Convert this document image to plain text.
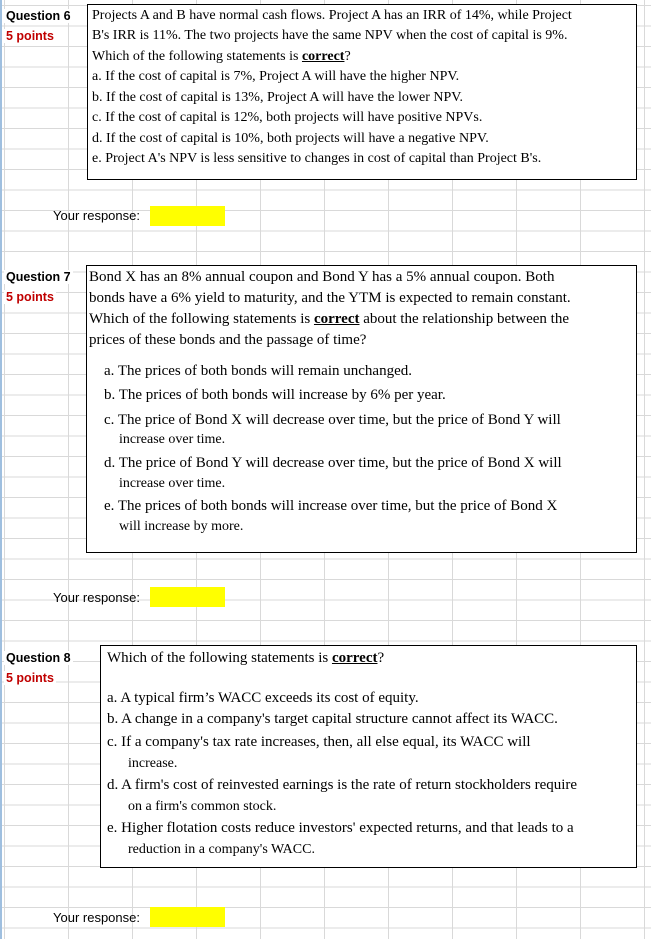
Question 6
5 points
Projects A and B have normal cash flows. Project A has an IRR of 14%, while Project
B's IRR is 11%. The two projects have the same NPV when the cost of capital is 9%.
Which of the following statements is correct?
a. If the cost of capital is 7%, Project A will have the higher NPV.
b. If the cost of capital is 13%, Project A will have the lower NPV.
c. If the cost of capital is 12%, both projects will have positive NPVs.
d. If the cost of capital is 10%, both projects will have a negative NPV.
e. Project A's NPV is less sensitive to changes in cost of capital than Project B's.
Your response:
Question 7
5 points
Bond X has an 8% annual coupon and Bond Y has a 5% annual coupon. Both
bonds have a 6% yield to maturity, and the YTM is expected to remain constant.
Which of the following statements is correct about the relationship between the
prices of these bonds and the passage of time?
a. The prices of both bonds will remain unchanged.
b. The prices of both bonds will increase by 6% per year.
c. The price of Bond X will decrease over time, but the price of Bond Y will
increase over time.
d. The price of Bond Y will decrease over time, but the price of Bond X will
increase over time.
e. The prices of both bonds will increase over time, but the price of Bond X
will increase by more.
Your response:
Question 8
5 points
Which of the following statements is correct?
a. A typical firm’s WACC exceeds its cost of equity.
b. A change in a company's target capital structure cannot affect its WACC.
c. If a company's tax rate increases, then, all else equal, its WACC will
increase.
d. A firm's cost of reinvested earnings is the rate of return stockholders require
on a firm's common stock.
e. Higher flotation costs reduce investors' expected returns, and that leads to a
reduction in a company's WACC.
Your response:
